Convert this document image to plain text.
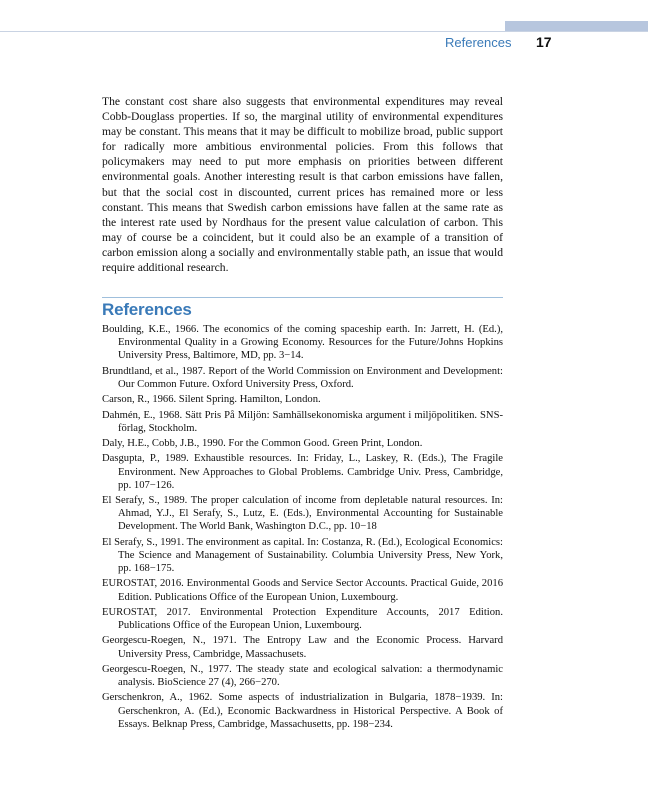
References 17

The constant cost share also suggests that environmental expenditures may reveal Cobb-Douglass properties. If so, the marginal utility of environmental expenditures may be constant. This means that it may be difficult to mobilize broad, public support for radically more ambitious environmental policies. From this follows that policymakers may need to put more emphasis on priorities between different environmental goals. Another interesting result is that carbon emissions have fallen, but that the social cost in discounted, current prices has remained more or less constant. This means that Swedish carbon emissions have fallen at the same rate as the interest rate used by Nordhaus for the present value calculation of carbon. This may of course be a coincident, but it could also be an example of a transition of carbon emission along a socially and environmentally stable path, an issue that would require additional research.

References
Boulding, K.E., 1966. The economics of the coming spaceship earth. In: Jarrett, H. (Ed.), Environmental Quality in a Growing Economy. Resources for the Future/Johns Hopkins University Press, Baltimore, MD, pp. 3−14.
Brundtland, et al., 1987. Report of the World Commission on Environment and Development: Our Common Future. Oxford University Press, Oxford.
Carson, R., 1966. Silent Spring. Hamilton, London.
Dahmén, E., 1968. Sätt Pris På Miljön: Samhällsekonomiska argument i miljöpolitiken. SNS-förlag, Stockholm.
Daly, H.E., Cobb, J.B., 1990. For the Common Good. Green Print, London.
Dasgupta, P., 1989. Exhaustible resources. In: Friday, L., Laskey, R. (Eds.), The Fragile Environment. New Approaches to Global Problems. Cambridge Univ. Press, Cambridge, pp. 107−126.
El Serafy, S., 1989. The proper calculation of income from depletable natural resources. In: Ahmad, Y.J., El Serafy, S., Lutz, E. (Eds.), Environmental Accounting for Sustainable Development. The World Bank, Washington D.C., pp. 10−18
El Serafy, S., 1991. The environment as capital. In: Costanza, R. (Ed.), Ecological Economics: The Science and Management of Sustainability. Columbia University Press, New York, pp. 168−175.
EUROSTAT, 2016. Environmental Goods and Service Sector Accounts. Practical Guide, 2016 Edition. Publications Office of the European Union, Luxembourg.
EUROSTAT, 2017. Environmental Protection Expenditure Accounts, 2017 Edition. Publications Office of the European Union, Luxembourg.
Georgescu-Roegen, N., 1971. The Entropy Law and the Economic Process. Harvard University Press, Cambridge, Massachusets.
Georgescu-Roegen, N., 1977. The steady state and ecological salvation: a thermodynamic analysis. BioScience 27 (4), 266−270.
Gerschenkron, A., 1962. Some aspects of industrialization in Bulgaria, 1878−1939. In: Gerschenkron, A. (Ed.), Economic Backwardness in Historical Perspective. A Book of Essays. Belknap Press, Cambridge, Massachusetts, pp. 198−234.
